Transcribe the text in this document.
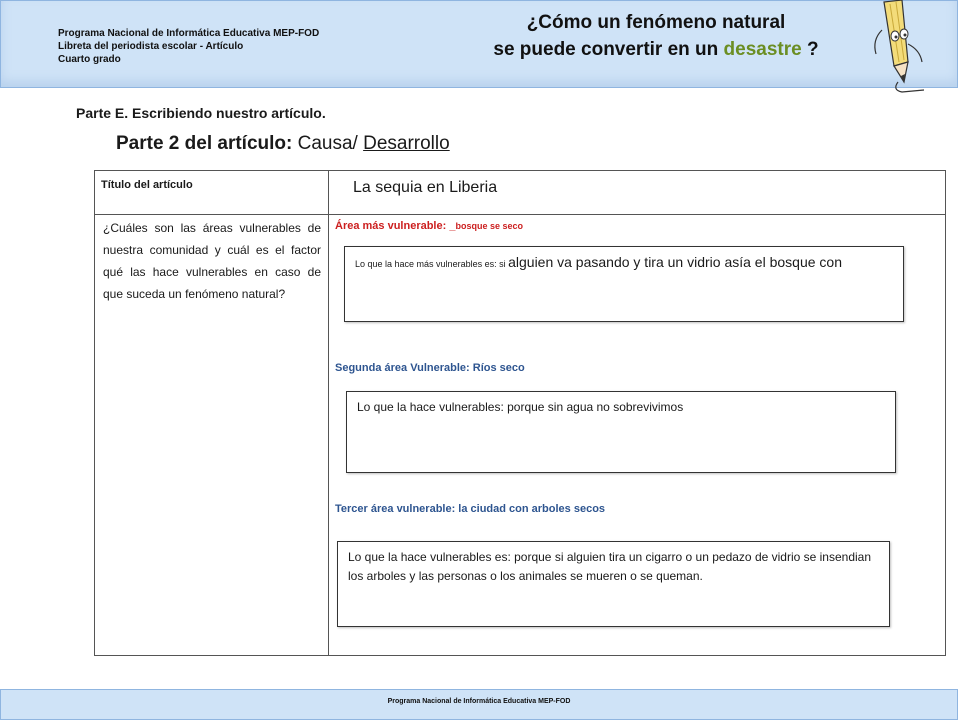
Programa Nacional de Informática Educativa MEP-FOD
Libreta del periodista escolar - Artículo
Cuarto grado
¿Cómo un fenómeno natural
se puede convertir en un desastre ?
Parte E. Escribiendo nuestro artículo.
Parte 2 del artículo: Causa/ Desarrollo
Título del artículo	La sequia en Liberia
¿Cuáles son las áreas vulnerables de nuestra comunidad y cuál es el factor qué las hace vulnerables en caso de que suceda un fenómeno natural?
Área más vulnerable: _bosque se seco
Lo que la hace más vulnerables es: si alguien va pasando y tira un vidrio asía el bosque con
Segunda área Vulnerable: Ríos seco
Lo que la hace vulnerables: porque sin agua no sobrevivimos
Tercer área vulnerable: la ciudad con arboles secos
Lo que la hace vulnerables es: porque si alguien tira un cigarro o un pedazo de vidrio se insendian los arboles y las personas o los animales se mueren o se queman.
Programa Nacional de Informática Educativa MEP-FOD
